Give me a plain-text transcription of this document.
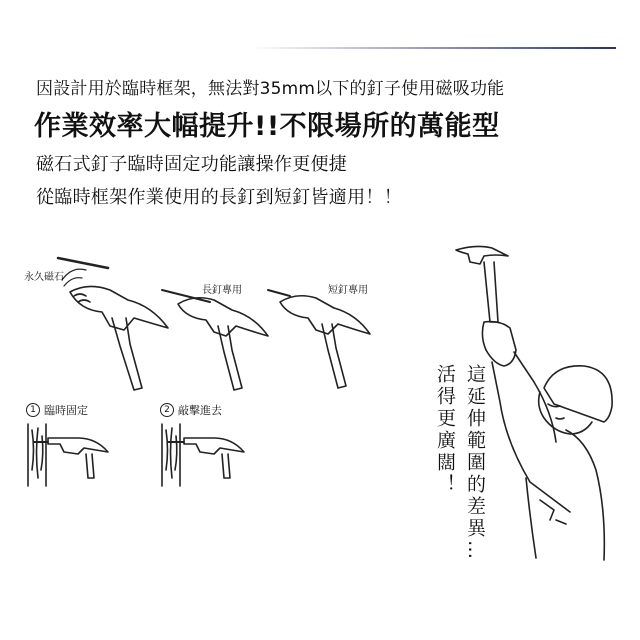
因設計用於臨時框架，無法對35mm以下的釘子使用磁吸功能
作業效率大幅提升!!不限場所的萬能型
磁石式釘子臨時固定功能讓操作更便捷
從臨時框架作業使用的長釘到短釘皆適用！！
永久磁石
長釘專用	短釘專用
1 臨時固定	2 敲擊進去	這延伸範圍的差異…
活得更廣闊！
